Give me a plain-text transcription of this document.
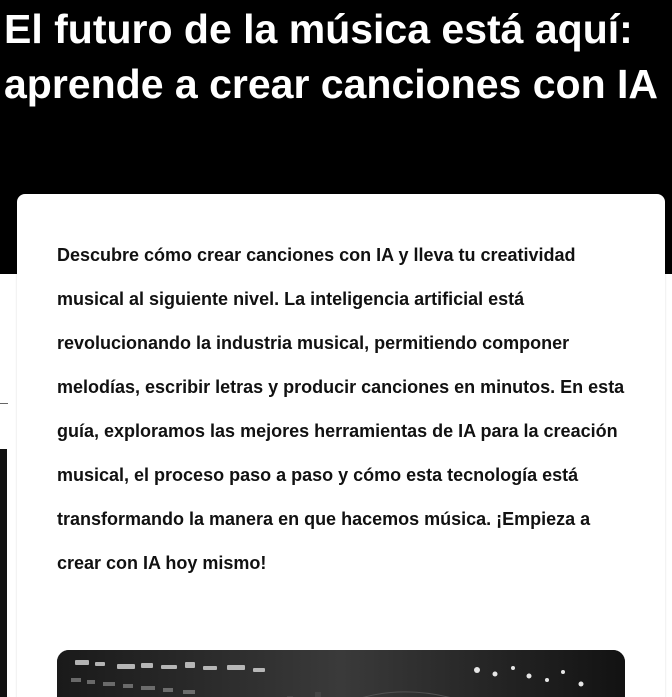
El futuro de la música está aquí: aprende a crear canciones con IA

Descubre cómo crear canciones con IA y lleva tu creatividad musical al siguiente nivel. La inteligencia artificial está revolucionando la industria musical, permitiendo componer melodías, escribir letras y producir canciones en minutos. En esta guía, exploramos las mejores herramientas de IA para la creación musical, el proceso paso a paso y cómo esta tecnología está transformando la manera en que hacemos música. ¡Empieza a crear con IA hoy mismo!
